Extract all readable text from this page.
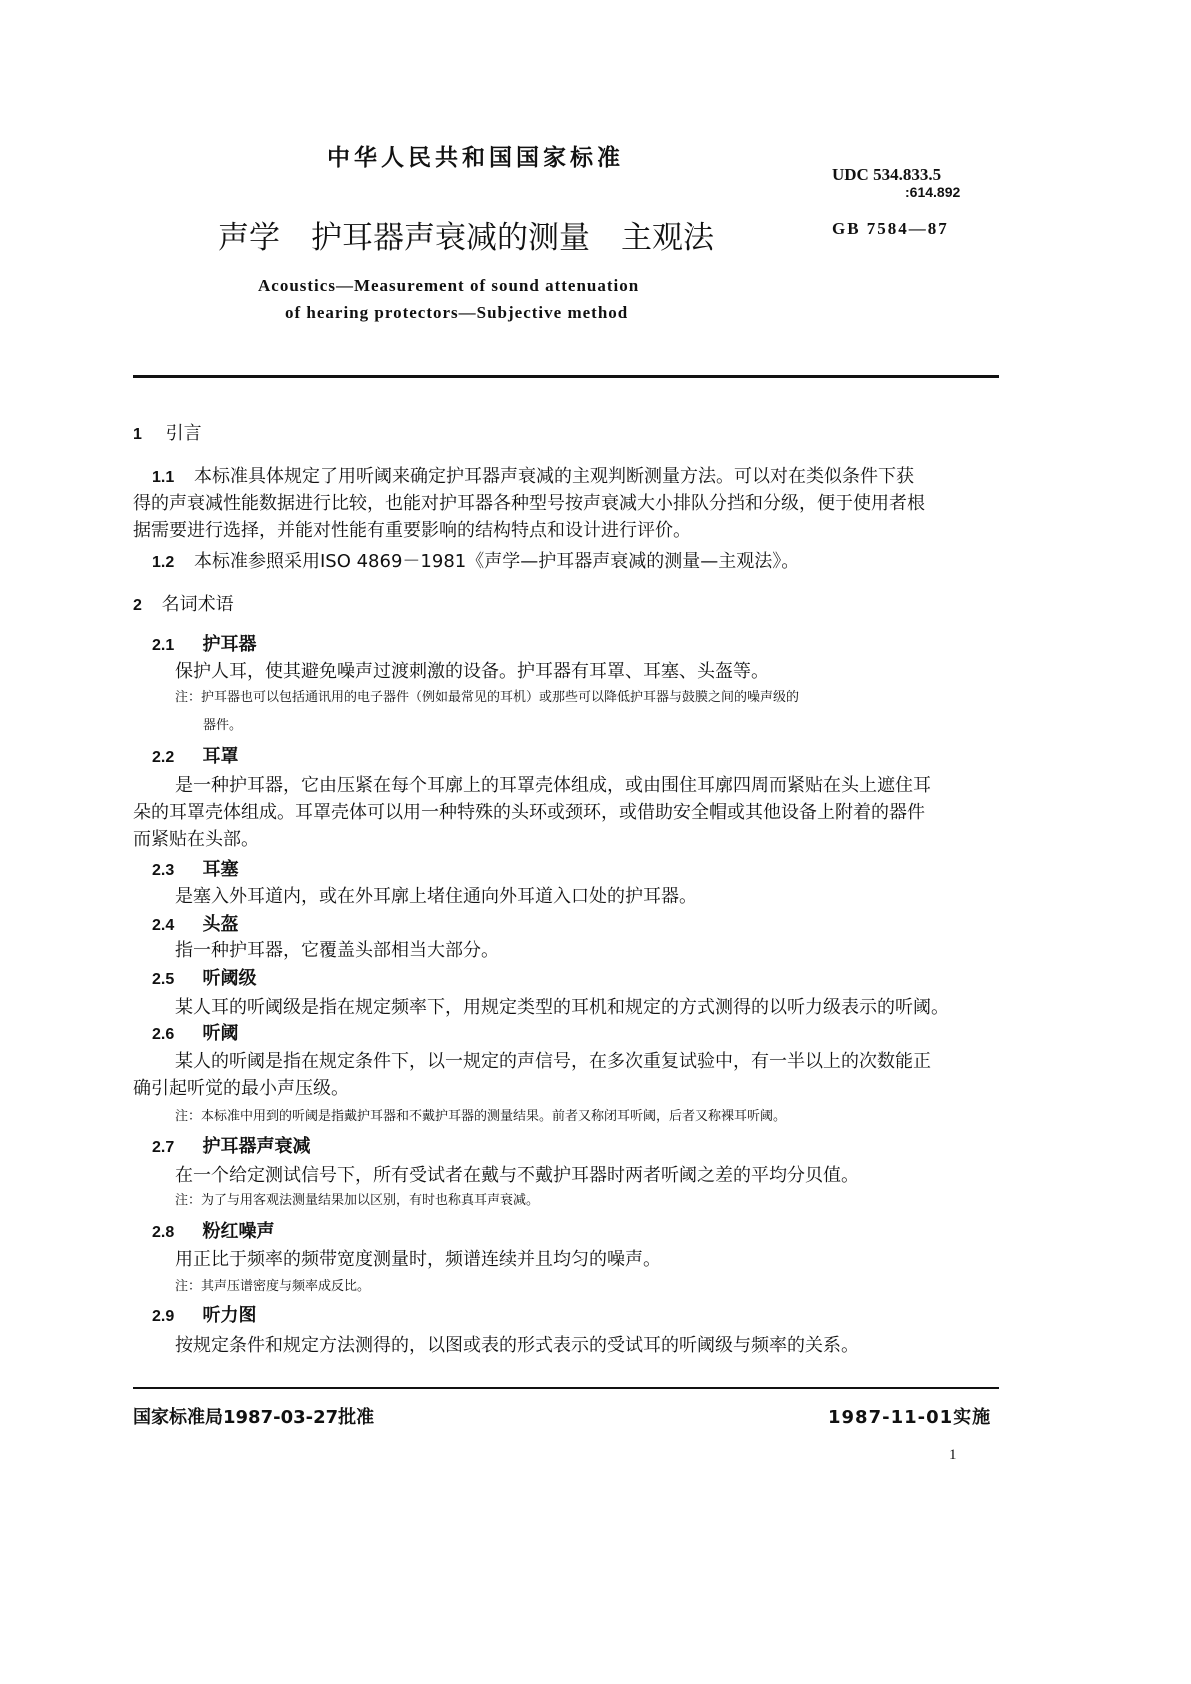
中华人民共和国国家标准
UDC 534.833.5
:614.892
声学　护耳器声衰减的测量　主观法	GB 7584—87
Acoustics—Measurement of sound attenuation
of hearing protectors—Subjective method
1 引言
1.1 本标准具体规定了用听阈来确定护耳器声衰减的主观判断测量方法。可以对在类似条件下获
得的声衰减性能数据进行比较，也能对护耳器各种型号按声衰减大小排队分挡和分级，便于使用者根
据需要进行选择，并能对性能有重要影响的结构特点和设计进行评价。
1.2 本标准参照采用ISO 4869－1981《声学—护耳器声衰减的测量—主观法》。
2 名词术语
2.1 护耳器
保护人耳，使其避免噪声过渡刺激的设备。护耳器有耳罩、耳塞、头盔等。
注：护耳器也可以包括通讯用的电子器件（例如最常见的耳机）或那些可以降低护耳器与鼓膜之间的噪声级的
器件。
2.2 耳罩
是一种护耳器，它由压紧在每个耳廓上的耳罩壳体组成，或由围住耳廓四周而紧贴在头上遮住耳
朵的耳罩壳体组成。耳罩壳体可以用一种特殊的头环或颈环，或借助安全帽或其他设备上附着的器件
而紧贴在头部。
2.3 耳塞
是塞入外耳道内，或在外耳廓上堵住通向外耳道入口处的护耳器。
2.4 头盔
指一种护耳器，它覆盖头部相当大部分。
2.5 听阈级
某人耳的听阈级是指在规定频率下，用规定类型的耳机和规定的方式测得的以听力级表示的听阈。
2.6 听阈
某人的听阈是指在规定条件下，以一规定的声信号，在多次重复试验中，有一半以上的次数能正
确引起听觉的最小声压级。
注：本标准中用到的听阈是指戴护耳器和不戴护耳器的测量结果。前者又称闭耳听阈，后者又称裸耳听阈。
2.7 护耳器声衰减
在一个给定测试信号下，所有受试者在戴与不戴护耳器时两者听阈之差的平均分贝值。
注：为了与用客观法测量结果加以区别，有时也称真耳声衰减。
2.8 粉红噪声
用正比于频率的频带宽度测量时，频谱连续并且均匀的噪声。
注：其声压谱密度与频率成反比。
2.9 听力图
按规定条件和规定方法测得的，以图或表的形式表示的受试耳的听阈级与频率的关系。
国家标准局1987-03-27批准	1987-11-01实施
1
